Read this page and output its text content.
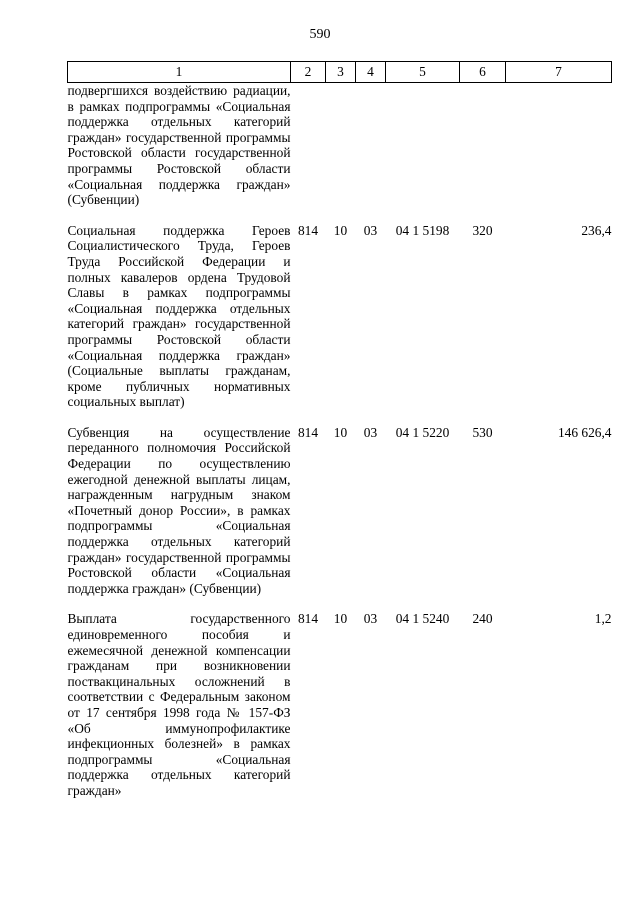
590
1	2	3	4	5	6	7
подвергшихся воздействию радиации, в рамках подпрограммы «Социальная поддержка отдельных категорий граждан» государственной программы Ростовской области государственной программы Ростовской области «Социальная поддержка граждан» (Субвенции)						

Социальная поддержка Героев Социалистического Труда, Героев Труда Российской Федерации и полных кавалеров ордена Трудовой Славы в рамках подпрограммы «Социальная поддержка отдельных категорий граждан» государственной программы Ростовской области «Социальная поддержка граждан» (Социальные выплаты гражданам, кроме публичных нормативных социальных выплат)	814	10	03	04 1 5198	320	236,4

Субвенция на осуществление переданного полномочия Российской Федерации по осуществлению ежегодной денежной выплаты лицам, награжденным нагрудным знаком «Почетный донор России», в рамках подпрограммы «Социальная поддержка отдельных категорий граждан» государственной программы Ростовской области «Социальная поддержка граждан» (Субвенции)	814	10	03	04 1 5220	530	146 626,4

Выплата государственного единовременного пособия и ежемесячной денежной компенсации гражданам при возникновении поствакцинальных осложнений в соответствии с Федеральным законом от 17 сентября 1998 года № 157-ФЗ «Об иммунопрофилактике инфекционных болезней» в рамках подпрограммы «Социальная поддержка отдельных категорий граждан»	814	10	03	04 1 5240	240	1,2
